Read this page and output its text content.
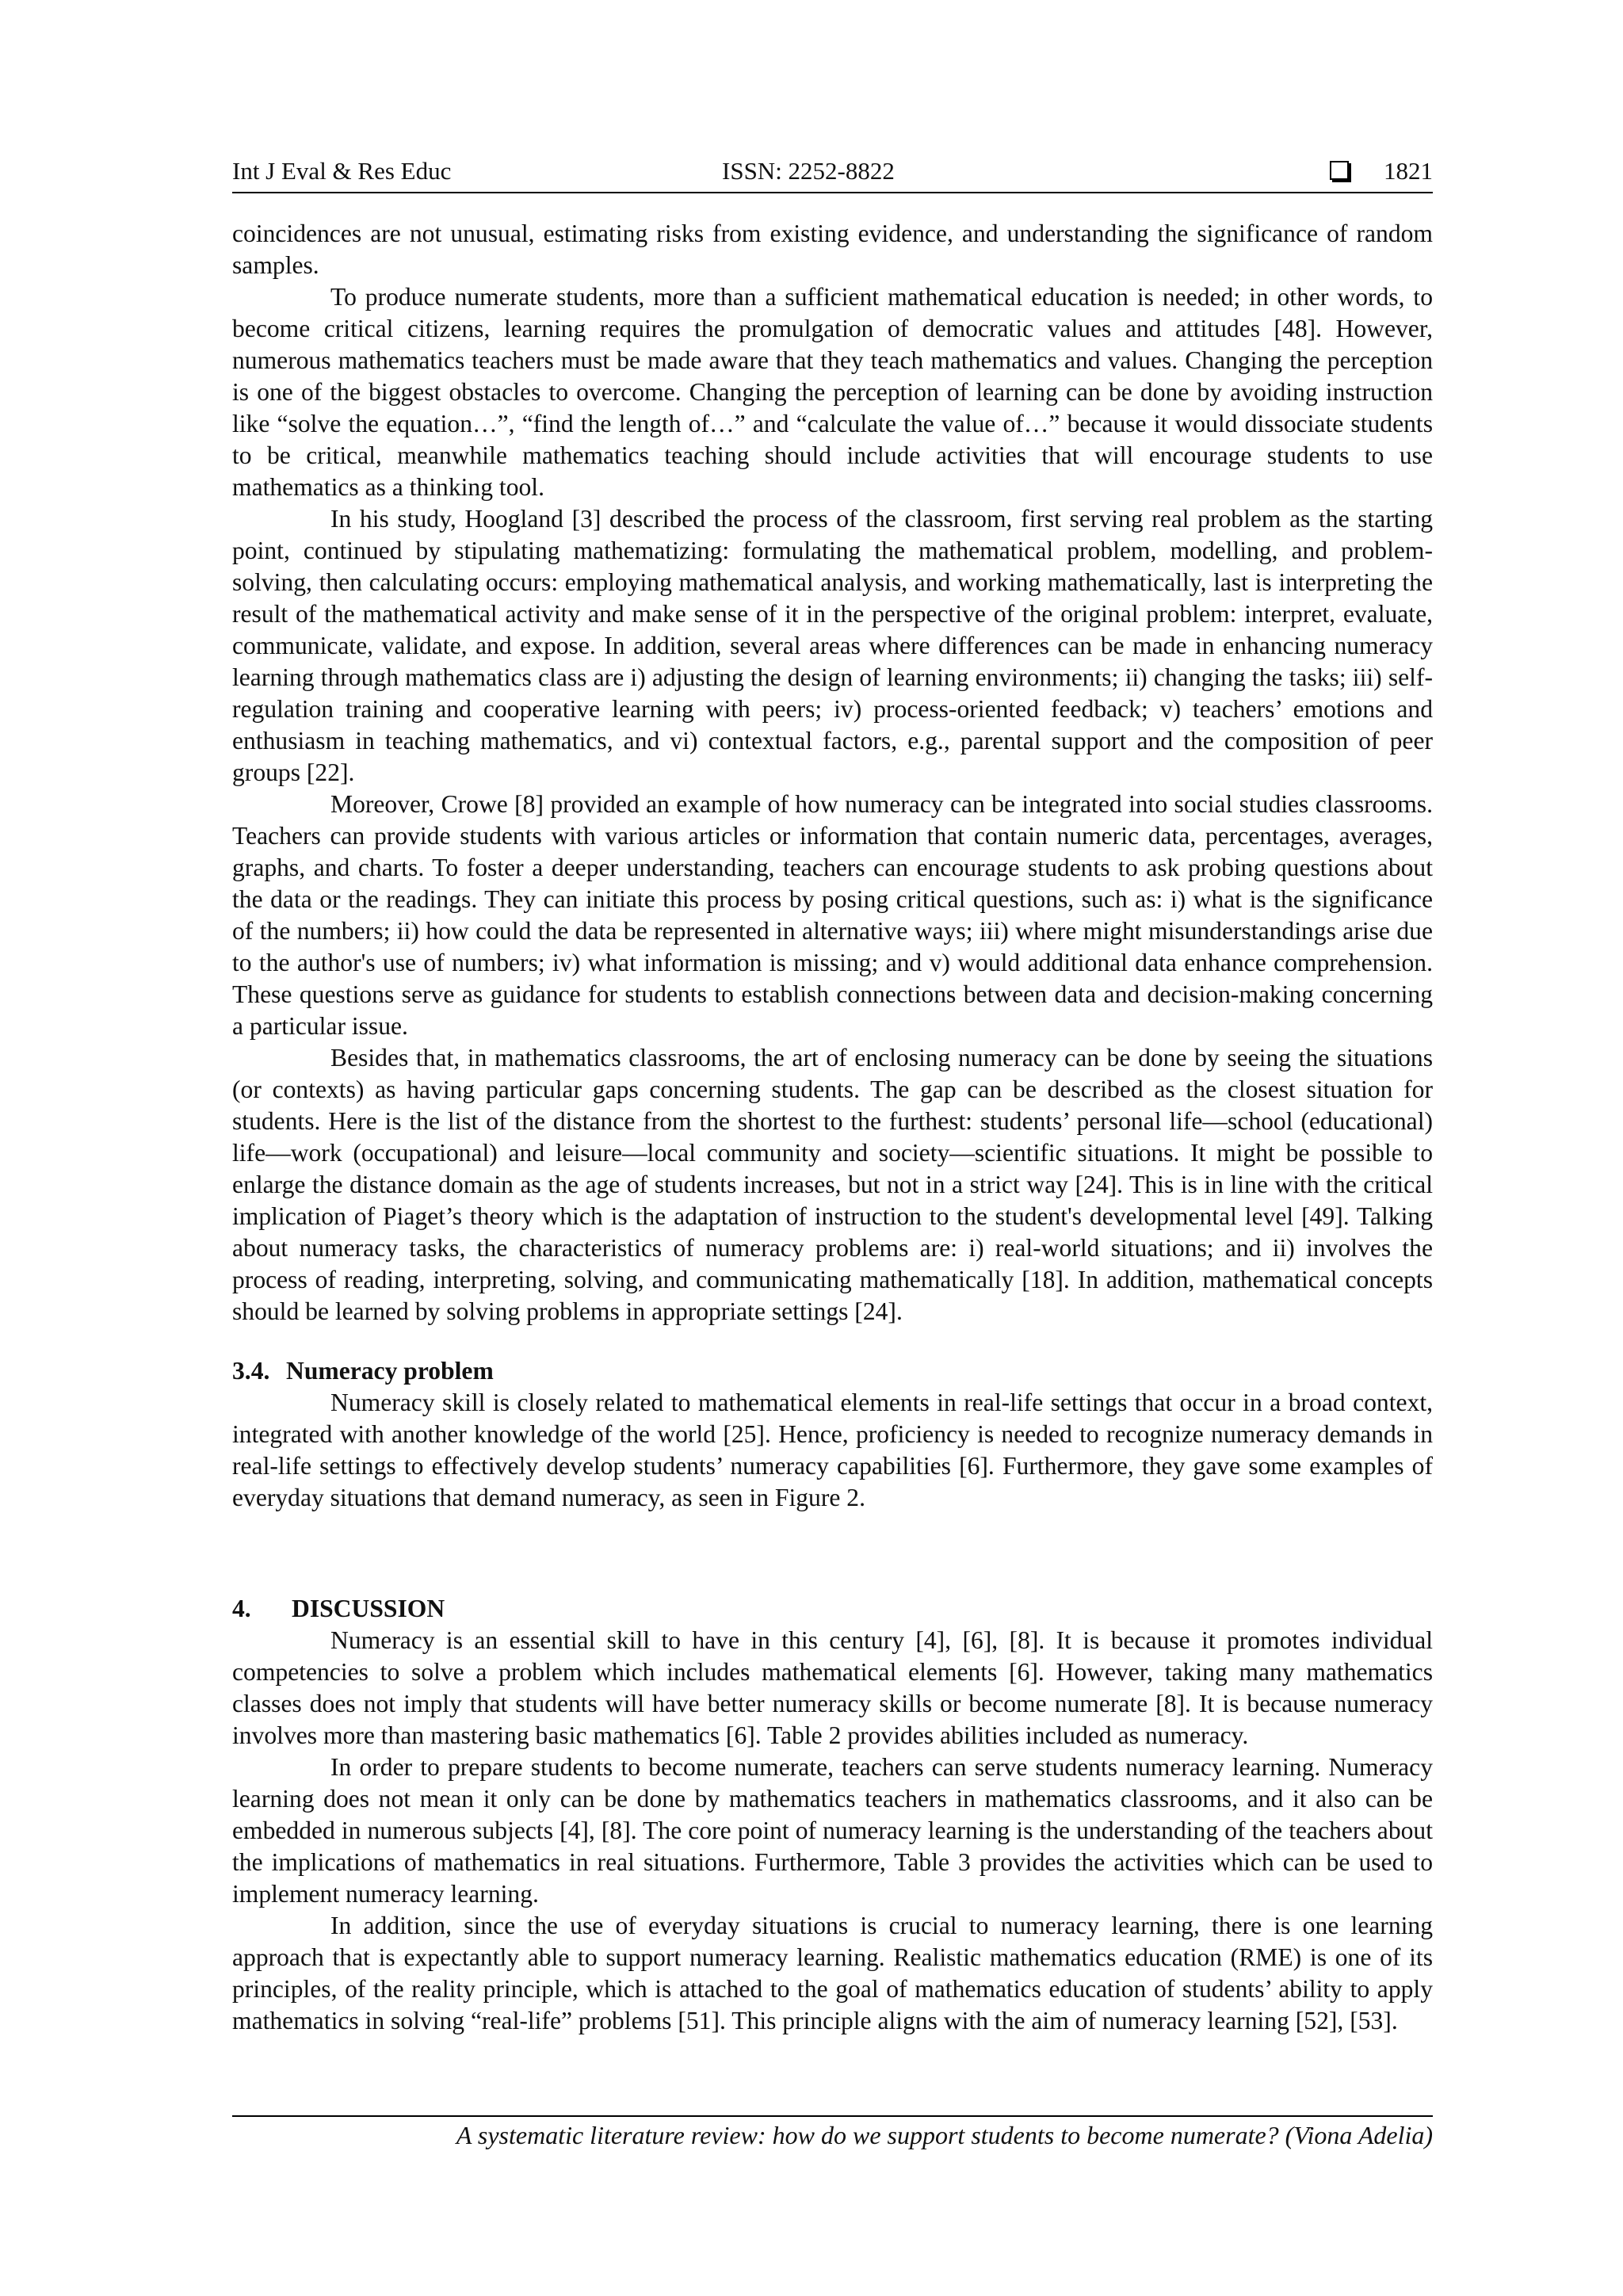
Int J Eval & Res Educ	ISSN: 2252-8822	1821

coincidences are not unusual, estimating risks from existing evidence, and understanding the significance of random samples.

To produce numerate students, more than a sufficient mathematical education is needed; in other words, to become critical citizens, learning requires the promulgation of democratic values and attitudes [48]. However, numerous mathematics teachers must be made aware that they teach mathematics and values. Changing the perception is one of the biggest obstacles to overcome. Changing the perception of learning can be done by avoiding instruction like “solve the equation…”, “find the length of…” and “calculate the value of…” because it would dissociate students to be critical, meanwhile mathematics teaching should include activities that will encourage students to use mathematics as a thinking tool.

In his study, Hoogland [3] described the process of the classroom, first serving real problem as the starting point, continued by stipulating mathematizing: formulating the mathematical problem, modelling, and problem-solving, then calculating occurs: employing mathematical analysis, and working mathematically, last is interpreting the result of the mathematical activity and make sense of it in the perspective of the original problem: interpret, evaluate, communicate, validate, and expose. In addition, several areas where differences can be made in enhancing numeracy learning through mathematics class are i) adjusting the design of learning environments; ii) changing the tasks; iii) self-regulation training and cooperative learning with peers; iv) process-oriented feedback; v) teachers’ emotions and enthusiasm in teaching mathematics, and vi) contextual factors, e.g., parental support and the composition of peer groups [22].

Moreover, Crowe [8] provided an example of how numeracy can be integrated into social studies classrooms. Teachers can provide students with various articles or information that contain numeric data, percentages, averages, graphs, and charts. To foster a deeper understanding, teachers can encourage students to ask probing questions about the data or the readings. They can initiate this process by posing critical questions, such as: i) what is the significance of the numbers; ii) how could the data be represented in alternative ways; iii) where might misunderstandings arise due to the author's use of numbers; iv) what information is missing; and v) would additional data enhance comprehension. These questions serve as guidance for students to establish connections between data and decision-making concerning a particular issue.

Besides that, in mathematics classrooms, the art of enclosing numeracy can be done by seeing the situations (or contexts) as having particular gaps concerning students. The gap can be described as the closest situation for students. Here is the list of the distance from the shortest to the furthest: students’ personal life—school (educational) life—work (occupational) and leisure—local community and society—scientific situations. It might be possible to enlarge the distance domain as the age of students increases, but not in a strict way [24]. This is in line with the critical implication of Piaget’s theory which is the adaptation of instruction to the student's developmental level [49]. Talking about numeracy tasks, the characteristics of numeracy problems are: i) real-world situations; and ii) involves the process of reading, interpreting, solving, and communicating mathematically [18]. In addition, mathematical concepts should be learned by solving problems in appropriate settings [24].

3.4. Numeracy problem

Numeracy skill is closely related to mathematical elements in real-life settings that occur in a broad context, integrated with another knowledge of the world [25]. Hence, proficiency is needed to recognize numeracy demands in real-life settings to effectively develop students’ numeracy capabilities [6]. Furthermore, they gave some examples of everyday situations that demand numeracy, as seen in Figure 2.

4. DISCUSSION

Numeracy is an essential skill to have in this century [4], [6], [8]. It is because it promotes individual competencies to solve a problem which includes mathematical elements [6]. However, taking many mathematics classes does not imply that students will have better numeracy skills or become numerate [8]. It is because numeracy involves more than mastering basic mathematics [6]. Table 2 provides abilities included as numeracy.

In order to prepare students to become numerate, teachers can serve students numeracy learning. Numeracy learning does not mean it only can be done by mathematics teachers in mathematics classrooms, and it also can be embedded in numerous subjects [4], [8]. The core point of numeracy learning is the understanding of the teachers about the implications of mathematics in real situations. Furthermore, Table 3 provides the activities which can be used to implement numeracy learning.

In addition, since the use of everyday situations is crucial to numeracy learning, there is one learning approach that is expectantly able to support numeracy learning. Realistic mathematics education (RME) is one of its principles, of the reality principle, which is attached to the goal of mathematics education of students’ ability to apply mathematics in solving “real-life” problems [51]. This principle aligns with the aim of numeracy learning [52], [53].

A systematic literature review: how do we support students to become numerate? (Viona Adelia)
